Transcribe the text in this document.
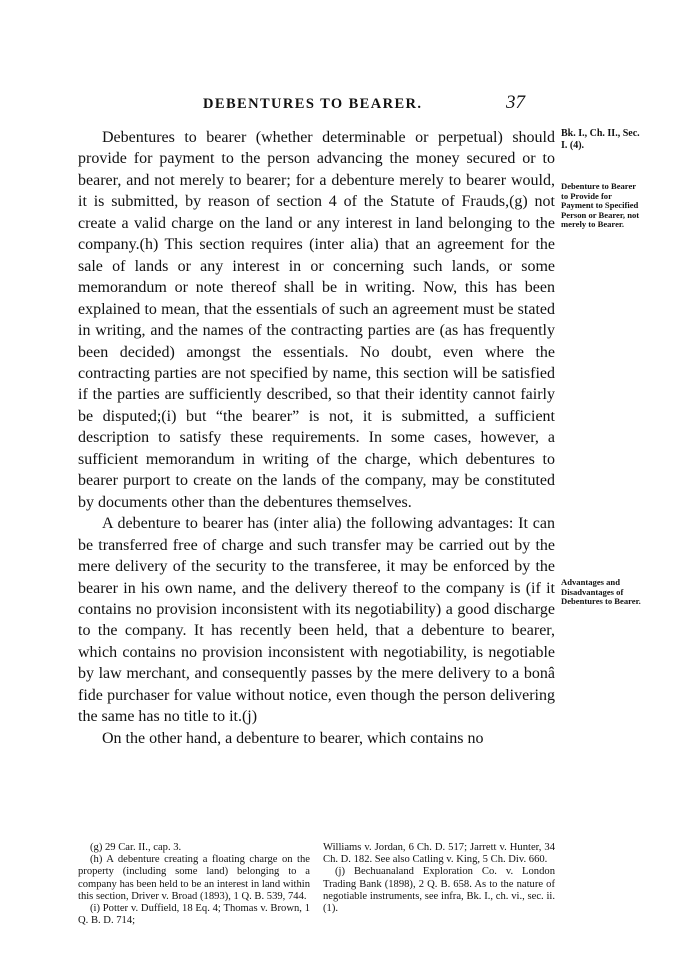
DEBENTURES TO BEARER.	37
Bk. I., Ch. II., Sec. I. (4).
Debenture to Bearer to Provide for Payment to Specified Person or Bearer, not merely to Bearer.
Advantages and Disadvantages of Debentures to Bearer.

Debentures to bearer (whether determinable or perpetual) should provide for payment to the person advancing the money secured or to bearer, and not merely to bearer; for a debenture merely to bearer would, it is submitted, by reason of section 4 of the Statute of Frauds,(g) not create a valid charge on the land or any interest in land belonging to the company.(h) This section requires (inter alia) that an agreement for the sale of lands or any interest in or concerning such lands, or some memorandum or note thereof shall be in writing. Now, this has been explained to mean, that the essentials of such an agreement must be stated in writing, and the names of the contracting parties are (as has frequently been decided) amongst the essentials. No doubt, even where the contracting parties are not specified by name, this section will be satisfied if the parties are sufficiently described, so that their identity cannot fairly be disputed;(i) but “the bearer” is not, it is submitted, a sufficient description to satisfy these requirements. In some cases, however, a sufficient memorandum in writing of the charge, which debentures to bearer purport to create on the lands of the company, may be constituted by documents other than the debentures themselves.

A debenture to bearer has (inter alia) the following advantages: It can be transferred free of charge and such transfer may be carried out by the mere delivery of the security to the transferee, it may be enforced by the bearer in his own name, and the delivery thereof to the company is (if it contains no provision inconsistent with its negotiability) a good discharge to the company. It has recently been held, that a debenture to bearer, which contains no provision inconsistent with negotiability, is negotiable by law merchant, and consequently passes by the mere delivery to a bonâ fide purchaser for value without notice, even though the person delivering the same has no title to it.(j)

On the other hand, a debenture to bearer, which contains no

(g) 29 Car. II., cap. 3.

(h) A debenture creating a floating charge on the property (including some land) belonging to a company has been held to be an interest in land within this section, Driver v. Broad (1893), 1 Q. B. 539, 744.

(i) Potter v. Duffield, 18 Eq. 4; Thomas v. Brown, 1 Q. B. D. 714;

Williams v. Jordan, 6 Ch. D. 517; Jarrett v. Hunter, 34 Ch. D. 182. See also Catling v. King, 5 Ch. Div. 660.

(j) Bechuanaland Exploration Co. v. London Trading Bank (1898), 2 Q. B. 658. As to the nature of negotiable instruments, see infra, Bk. I., ch. vi., sec. ii. (1).
